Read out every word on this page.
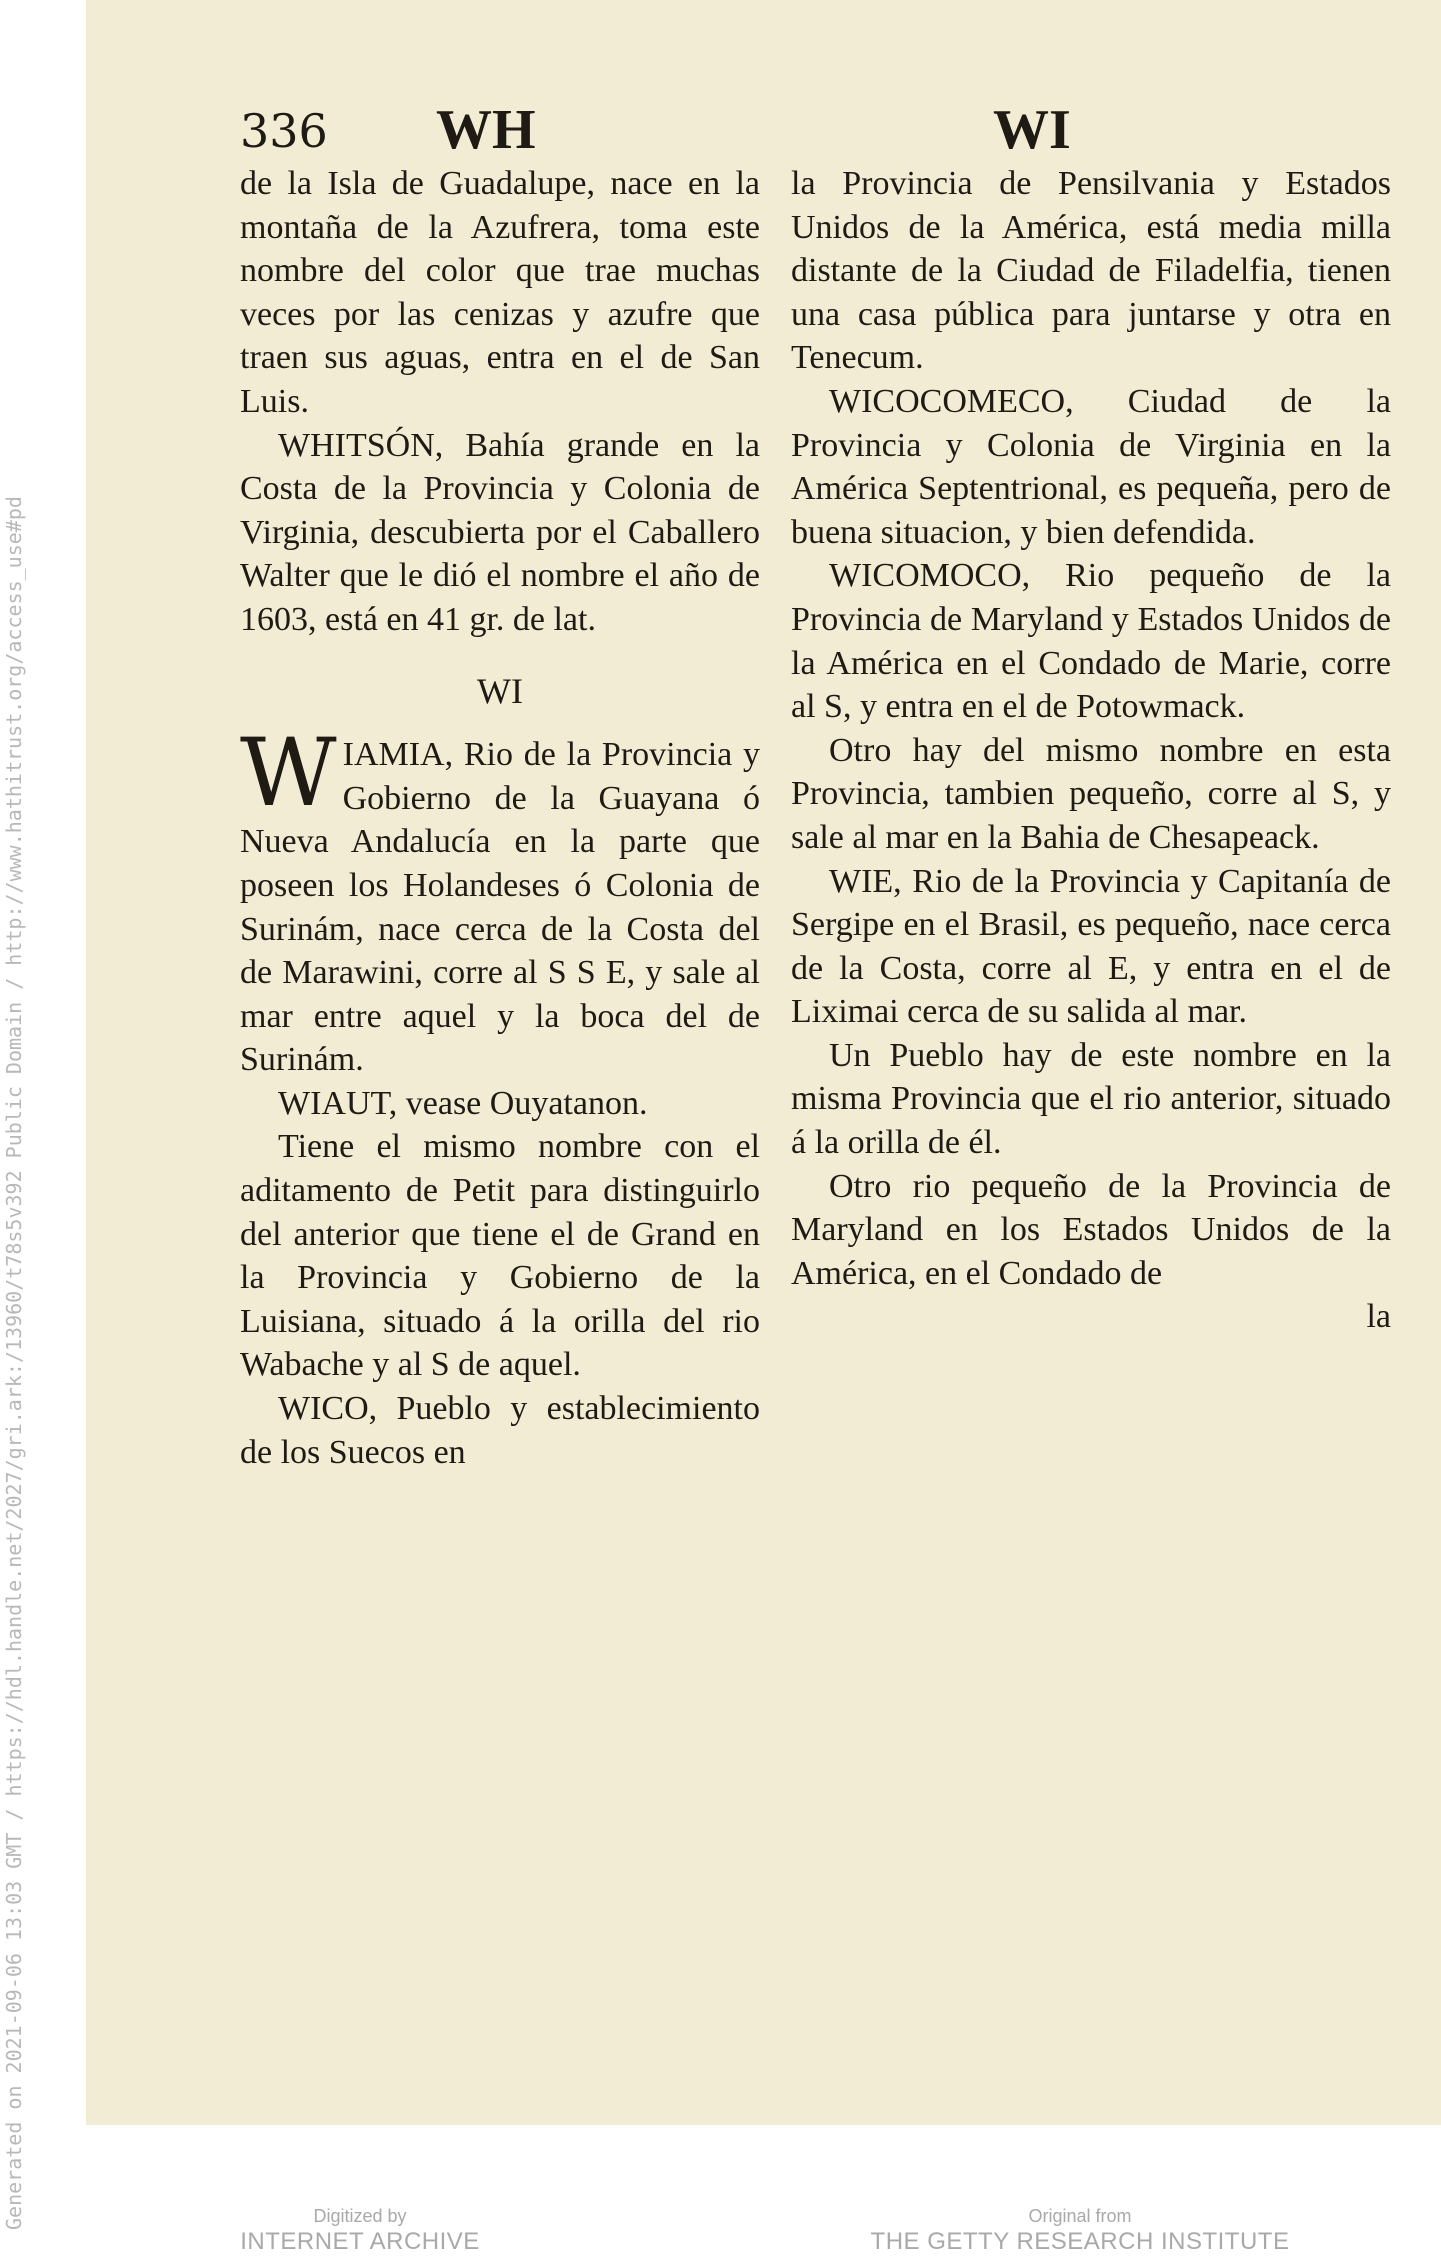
Generated on 2021-09-06 13:03 GMT / https://hdl.handle.net/2027/gri.ark:/13960/t78s5v392 Public Domain / http://www.hathitrust.org/access_use#pd
336 WH	WI

de la Isla de Guadalupe, nace en la montaña de la Azufrera, toma este nombre del color que trae muchas veces por las cenizas y azufre que traen sus aguas, entra en el de San Luis.

WHITSÓN, Bahía grande en la Costa de la Provincia y Colonia de Virginia, descubierta por el Caballero Walter que le dió el nombre el año de 1603, está en 41 gr. de lat.

WI

WIAMIA, Rio de la Provincia y Gobierno de la Guayana ó Nueva Andalucía en la parte que poseen los Holandeses ó Colonia de Surinám, nace cerca de la Costa del de Marawini, corre al S S E, y sale al mar entre aquel y la boca del de Surinám.

WIAUT, vease Ouyatanon.

Tiene el mismo nombre con el aditamento de Petit para distinguirlo del anterior que tiene el de Grand en la Provincia y Gobierno de la Luisiana, situado á la orilla del rio Wabache y al S de aquel.

WICO, Pueblo y establecimiento de los Suecos en

la Provincia de Pensilvania y Estados Unidos de la América, está media milla distante de la Ciudad de Filadelfia, tienen una casa pública para juntarse y otra en Tenecum.

WICOCOMECO, Ciudad de la Provincia y Colonia de Virginia en la América Septentrional, es pequeña, pero de buena situacion, y bien defendida.

WICOMOCO, Rio pequeño de la Provincia de Maryland y Estados Unidos de la América en el Condado de Marie, corre al S, y entra en el de Potowmack.

Otro hay del mismo nombre en esta Provincia, tambien pequeño, corre al S, y sale al mar en la Bahia de Chesapeack.

WIE, Rio de la Provincia y Capitanía de Sergipe en el Brasil, es pequeño, nace cerca de la Costa, corre al E, y entra en el de Liximai cerca de su salida al mar.

Un Pueblo hay de este nombre en la misma Provincia que el rio anterior, situado á la orilla de él.

Otro rio pequeño de la Provincia de Maryland en los Estados Unidos de la América, en el Condado de

la

Digitized by
INTERNET ARCHIVE
Original from
THE GETTY RESEARCH INSTITUTE
